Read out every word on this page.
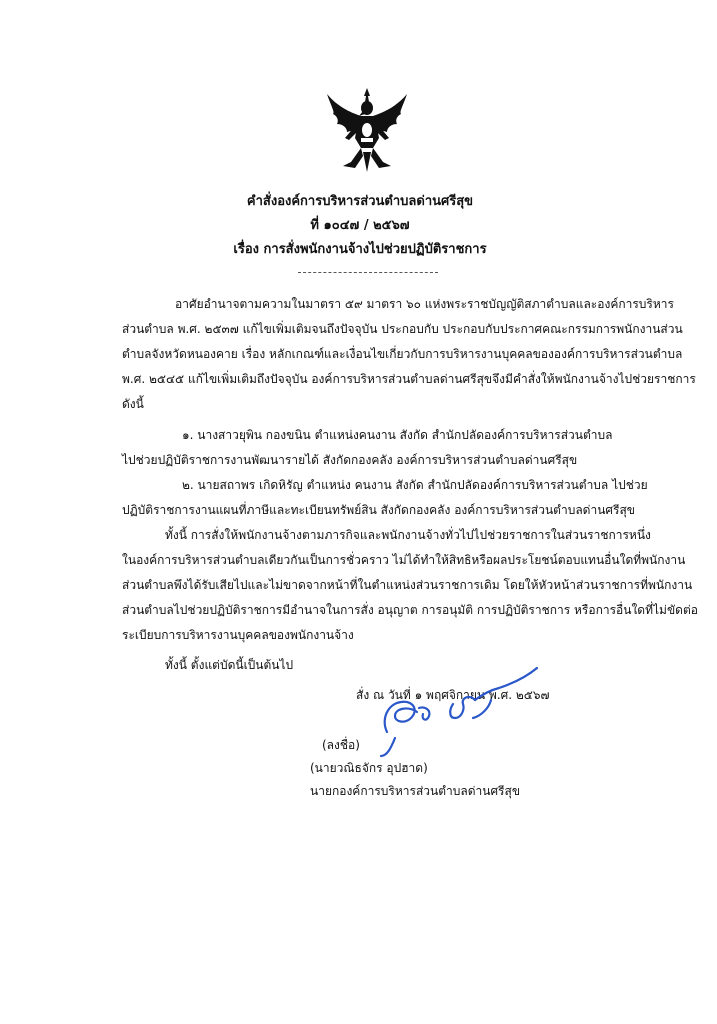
คำสั่งองค์การบริหารส่วนตำบลด่านศรีสุข
ที่ ๑๐๔๗ / ๒๕๖๗
เรื่อง การสั่งพนักงานจ้างไปช่วยปฏิบัติราชการ
อาศัยอำนาจตามความในมาตรา ๕๙ มาตรา ๖๐ แห่งพระราชบัญญัติสภาตำบลและองค์การบริหาร
ส่วนตำบล พ.ศ. ๒๕๓๗ แก้ไขเพิ่มเติมจนถึงปัจจุบัน ประกอบกับ ประกอบกับประกาศคณะกรรมการพนักงานส่วน
ตำบลจังหวัดหนองคาย เรื่อง หลักเกณฑ์และเงื่อนไขเกี่ยวกับการบริหารงานบุคคลขององค์การบริหารส่วนตำบล
พ.ศ. ๒๕๔๕ แก้ไขเพิ่มเติมถึงปัจจุบัน องค์การบริหารส่วนตำบลด่านศรีสุขจึงมีคำสั่งให้พนักงานจ้างไปช่วยราชการ
ดังนี้
๑. นางสาวยุพิน กองขนิน ตำแหน่งคนงาน สังกัด สำนักปลัดองค์การบริหารส่วนตำบล
ไปช่วยปฏิบัติราชการงานพัฒนารายได้ สังกัดกองคลัง องค์การบริหารส่วนตำบลด่านศรีสุข
๒. นายสถาพร เกิดหิรัญ ตำแหน่ง คนงาน สังกัด สำนักปลัดองค์การบริหารส่วนตำบล ไปช่วย
ปฏิบัติราชการงานแผนที่ภาษีและทะเบียนทรัพย์สิน สังกัดกองคลัง องค์การบริหารส่วนตำบลด่านศรีสุข
ทั้งนี้ การสั่งให้พนักงานจ้างตามภารกิจและพนักงานจ้างทั่วไปไปช่วยราชการในส่วนราชการหนึ่ง
ในองค์การบริหารส่วนตำบลเดียวกันเป็นการชั่วคราว ไม่ได้ทำให้สิทธิหรือผลประโยชน์ตอบแทนอื่นใดที่พนักงาน
ส่วนตำบลพึงได้รับเสียไปและไม่ขาดจากหน้าที่ในตำแหน่งส่วนราชการเดิม โดยให้หัวหน้าส่วนราชการที่พนักงาน
ส่วนตำบลไปช่วยปฏิบัติราชการมีอำนาจในการสั่ง อนุญาต การอนุมัติ การปฏิบัติราชการ หรือการอื่นใดที่ไม่ขัดต่อ
ระเบียบการบริหารงานบุคคลของพนักงานจ้าง
ทั้งนี้ ตั้งแต่บัดนี้เป็นต้นไป
สั่ง ณ วันที่ ๑ พฤศจิกายน พ.ศ. ๒๕๖๗
(ลงชื่อ)
(นายวณิธจักร อุปฮาด)
นายกองค์การบริหารส่วนตำบลด่านศรีสุข
